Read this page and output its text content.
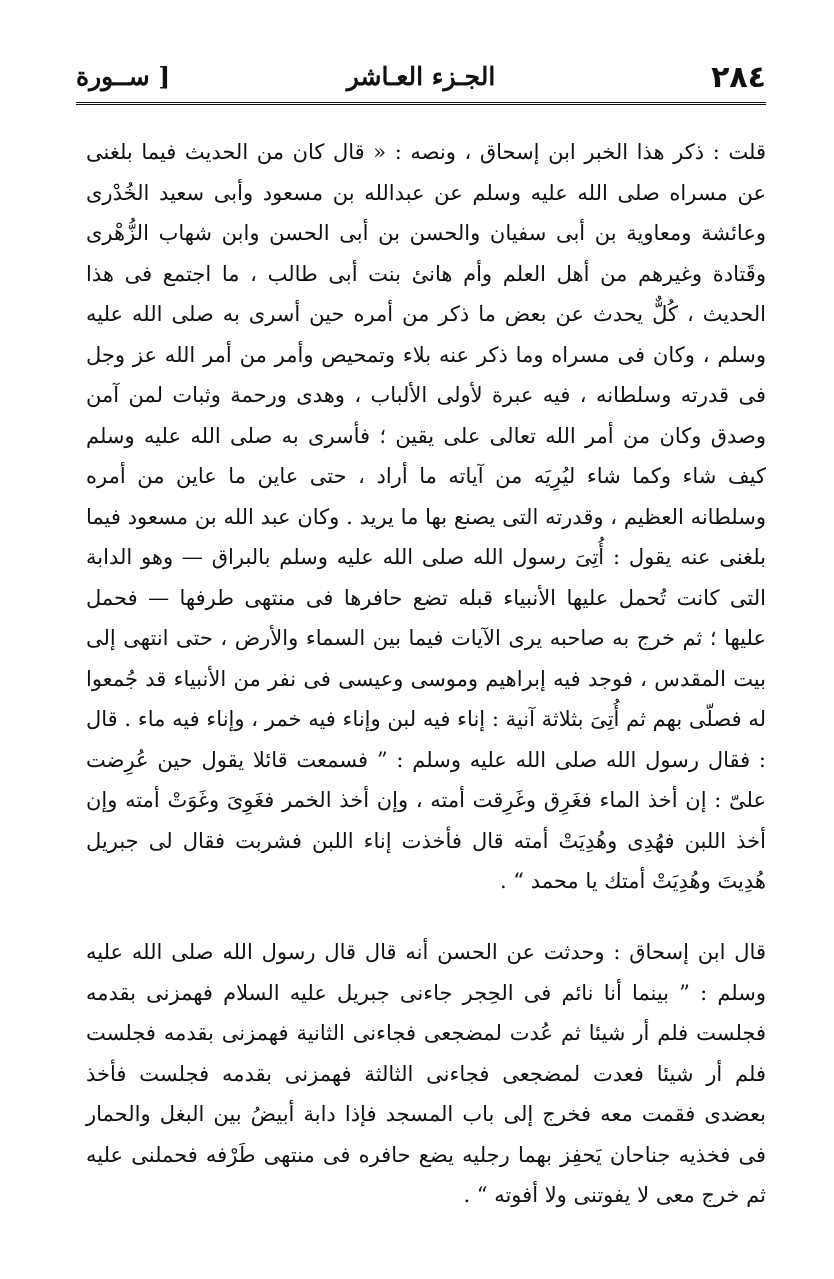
٢٨٤
الجـزء العـاشر
[ ســورة

قلت : ذكر هذا الخبر ابن إسحاق ، ونصه : « قال كان من الحديث فيما بلغنى عن مسراه صلى الله عليه وسلم عن عبدالله بن مسعود وأبى سعيد الخُدْرى وعائشة ومعاوية بن أبى سفيان والحسن بن أبى الحسن وابن شهاب الزُّهْرى وقَتادة وغيرهم من أهل العلم وأم هانئ بنت أبى طالب ، ما اجتمع فى هذا الحديث ، كُلٌّ يحدث عن بعض ما ذكر من أمره حين أسرى به صلى الله عليه وسلم ، وكان فى مسراه وما ذكر عنه بلاء وتمحيص وأمر من أمر الله عز وجل فى قدرته وسلطانه ، فيه عبرة لأولى الألباب ، وهدى ورحمة وثبات لمن آمن وصدق وكان من أمر الله تعالى على يقين ؛ فأسرى به صلى الله عليه وسلم كيف شاء وكما شاء ليُرِيَه من آياته ما أراد ، حتى عاين ما عاين من أمره وسلطانه العظيم ، وقدرته التى يصنع بها ما يريد . وكان عبد الله بن مسعود فيما بلغنى عنه يقول : أُتِىَ رسول الله صلى الله عليه وسلم بالبراق — وهو الدابة التى كانت تُحمل عليها الأنبياء قبله تضع حافرها فى منتهى طرفها — فحمل عليها ؛ ثم خرج به صاحبه يرى الآيات فيما بين السماء والأرض ، حتى انتهى إلى بيت المقدس ، فوجد فيه إبراهيم وموسى وعيسى فى نفر من الأنبياء قد جُمعوا له فصلّى بهم ثم أُتِىَ بثلاثة آنية : إناء فيه لبن وإناء فيه خمر ، وإناء فيه ماء . قال : فقال رسول الله صلى الله عليه وسلم : ” فسمعت قائلا يقول حين عُرِضت علىّ : إن أخذ الماء فغَرِق وغَرِقت أمته ، وإن أخذ الخمر فغَوِىَ وغَوَتْ أمته وإن أخذ اللبن فهُدِى وهُدِيَتْ أمته قال فأخذت إناء اللبن فشربت فقال لى جبريل هُدِيتَ وهُدِيَتْ أمتك يا محمد “ .

قال ابن إسحاق : وحدثت عن الحسن أنه قال قال رسول الله صلى الله عليه وسلم : ” بينما أنا نائم فى الحِجر جاءنى جبريل عليه السلام فهمزنى بقدمه فجلست فلم أر شيئا ثم عُدت لمضجعى فجاءنى الثانية فهمزنى بقدمه فجلست فلم أر شيئا فعدت لمضجعى فجاءنى الثالثة فهمزنى بقدمه فجلست فأخذ بعضدى فقمت معه فخرج إلى باب المسجد فإذا دابة أبيضُ بين البغل والحمار فى فخذيه جناحان يَحفِز بهما رجليه يضع حافره فى منتهى طَرْفه فحملنى عليه ثم خرج معى لا يفوتنى ولا أفوته “ .
